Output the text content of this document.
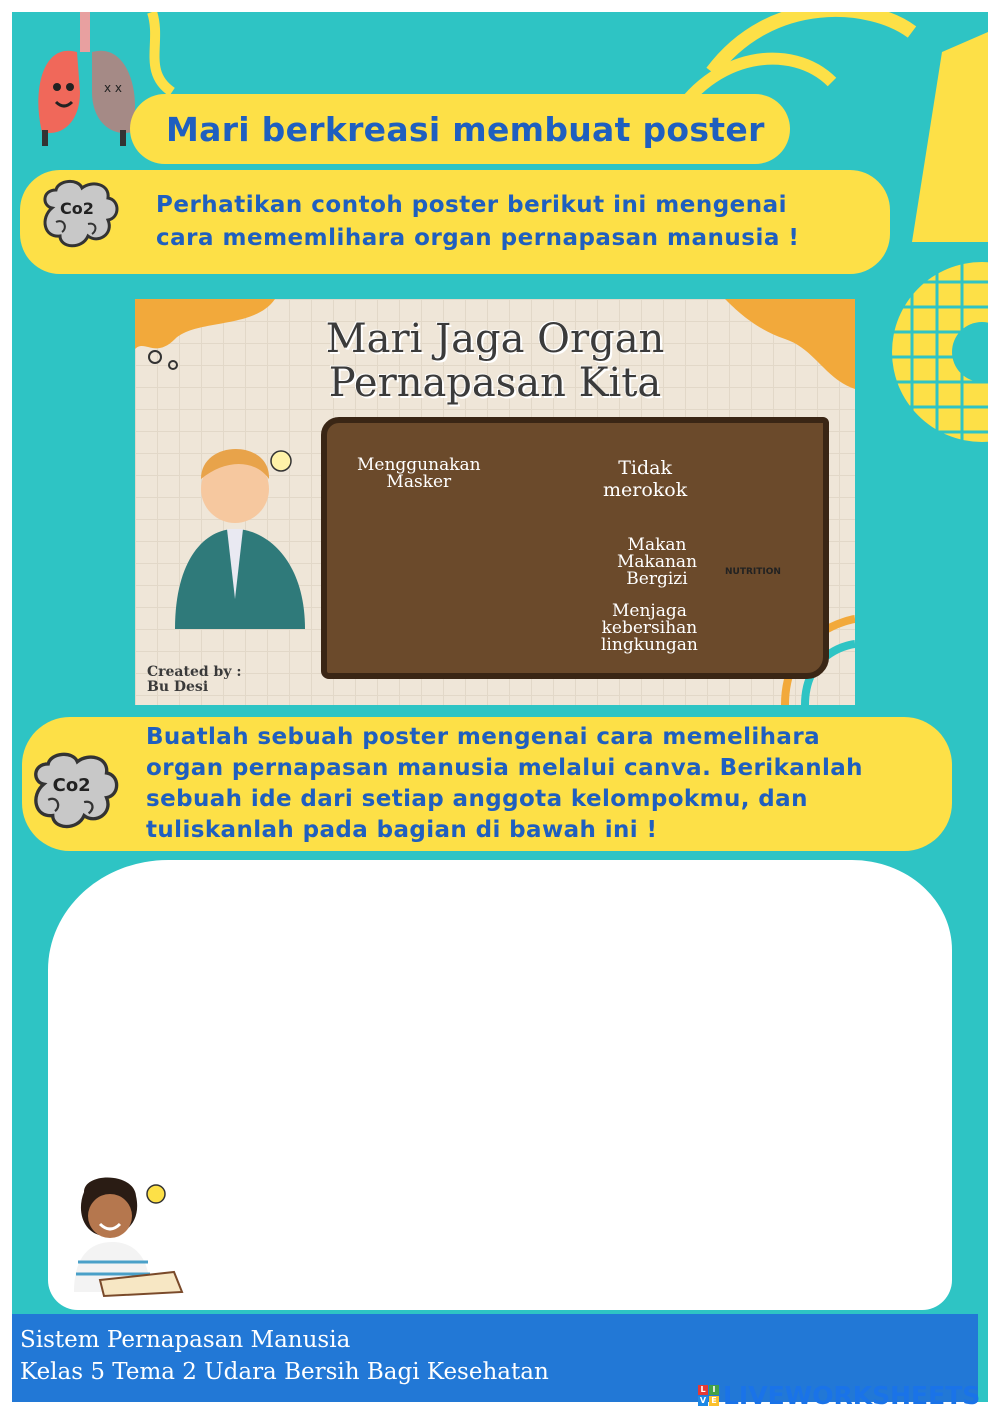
x x
Mari berkreasi membuat poster
Perhatikan contoh poster berikut ini mengenai
cara mememlihara organ pernapasan manusia !
Co2
Mari Jaga Organ
Pernapasan Kita
Menggunakan
Masker
Tidak
merokok
Makan
Makanan
Bergizi
Menjaga
kebersihan
lingkungan
NUTRITION
Created by :
Bu Desi
Buatlah sebuah poster mengenai cara memelihara
organ pernapasan manusia melalui canva. Berikanlah
sebuah ide dari setiap anggota kelompokmu, dan
tuliskanlah pada bagian di bawah ini !
Co2
Sistem Pernapasan Manusia
Kelas 5 Tema 2 Udara Bersih Bagi Kesehatan
L I
V E LIVEWORKSHEETS
